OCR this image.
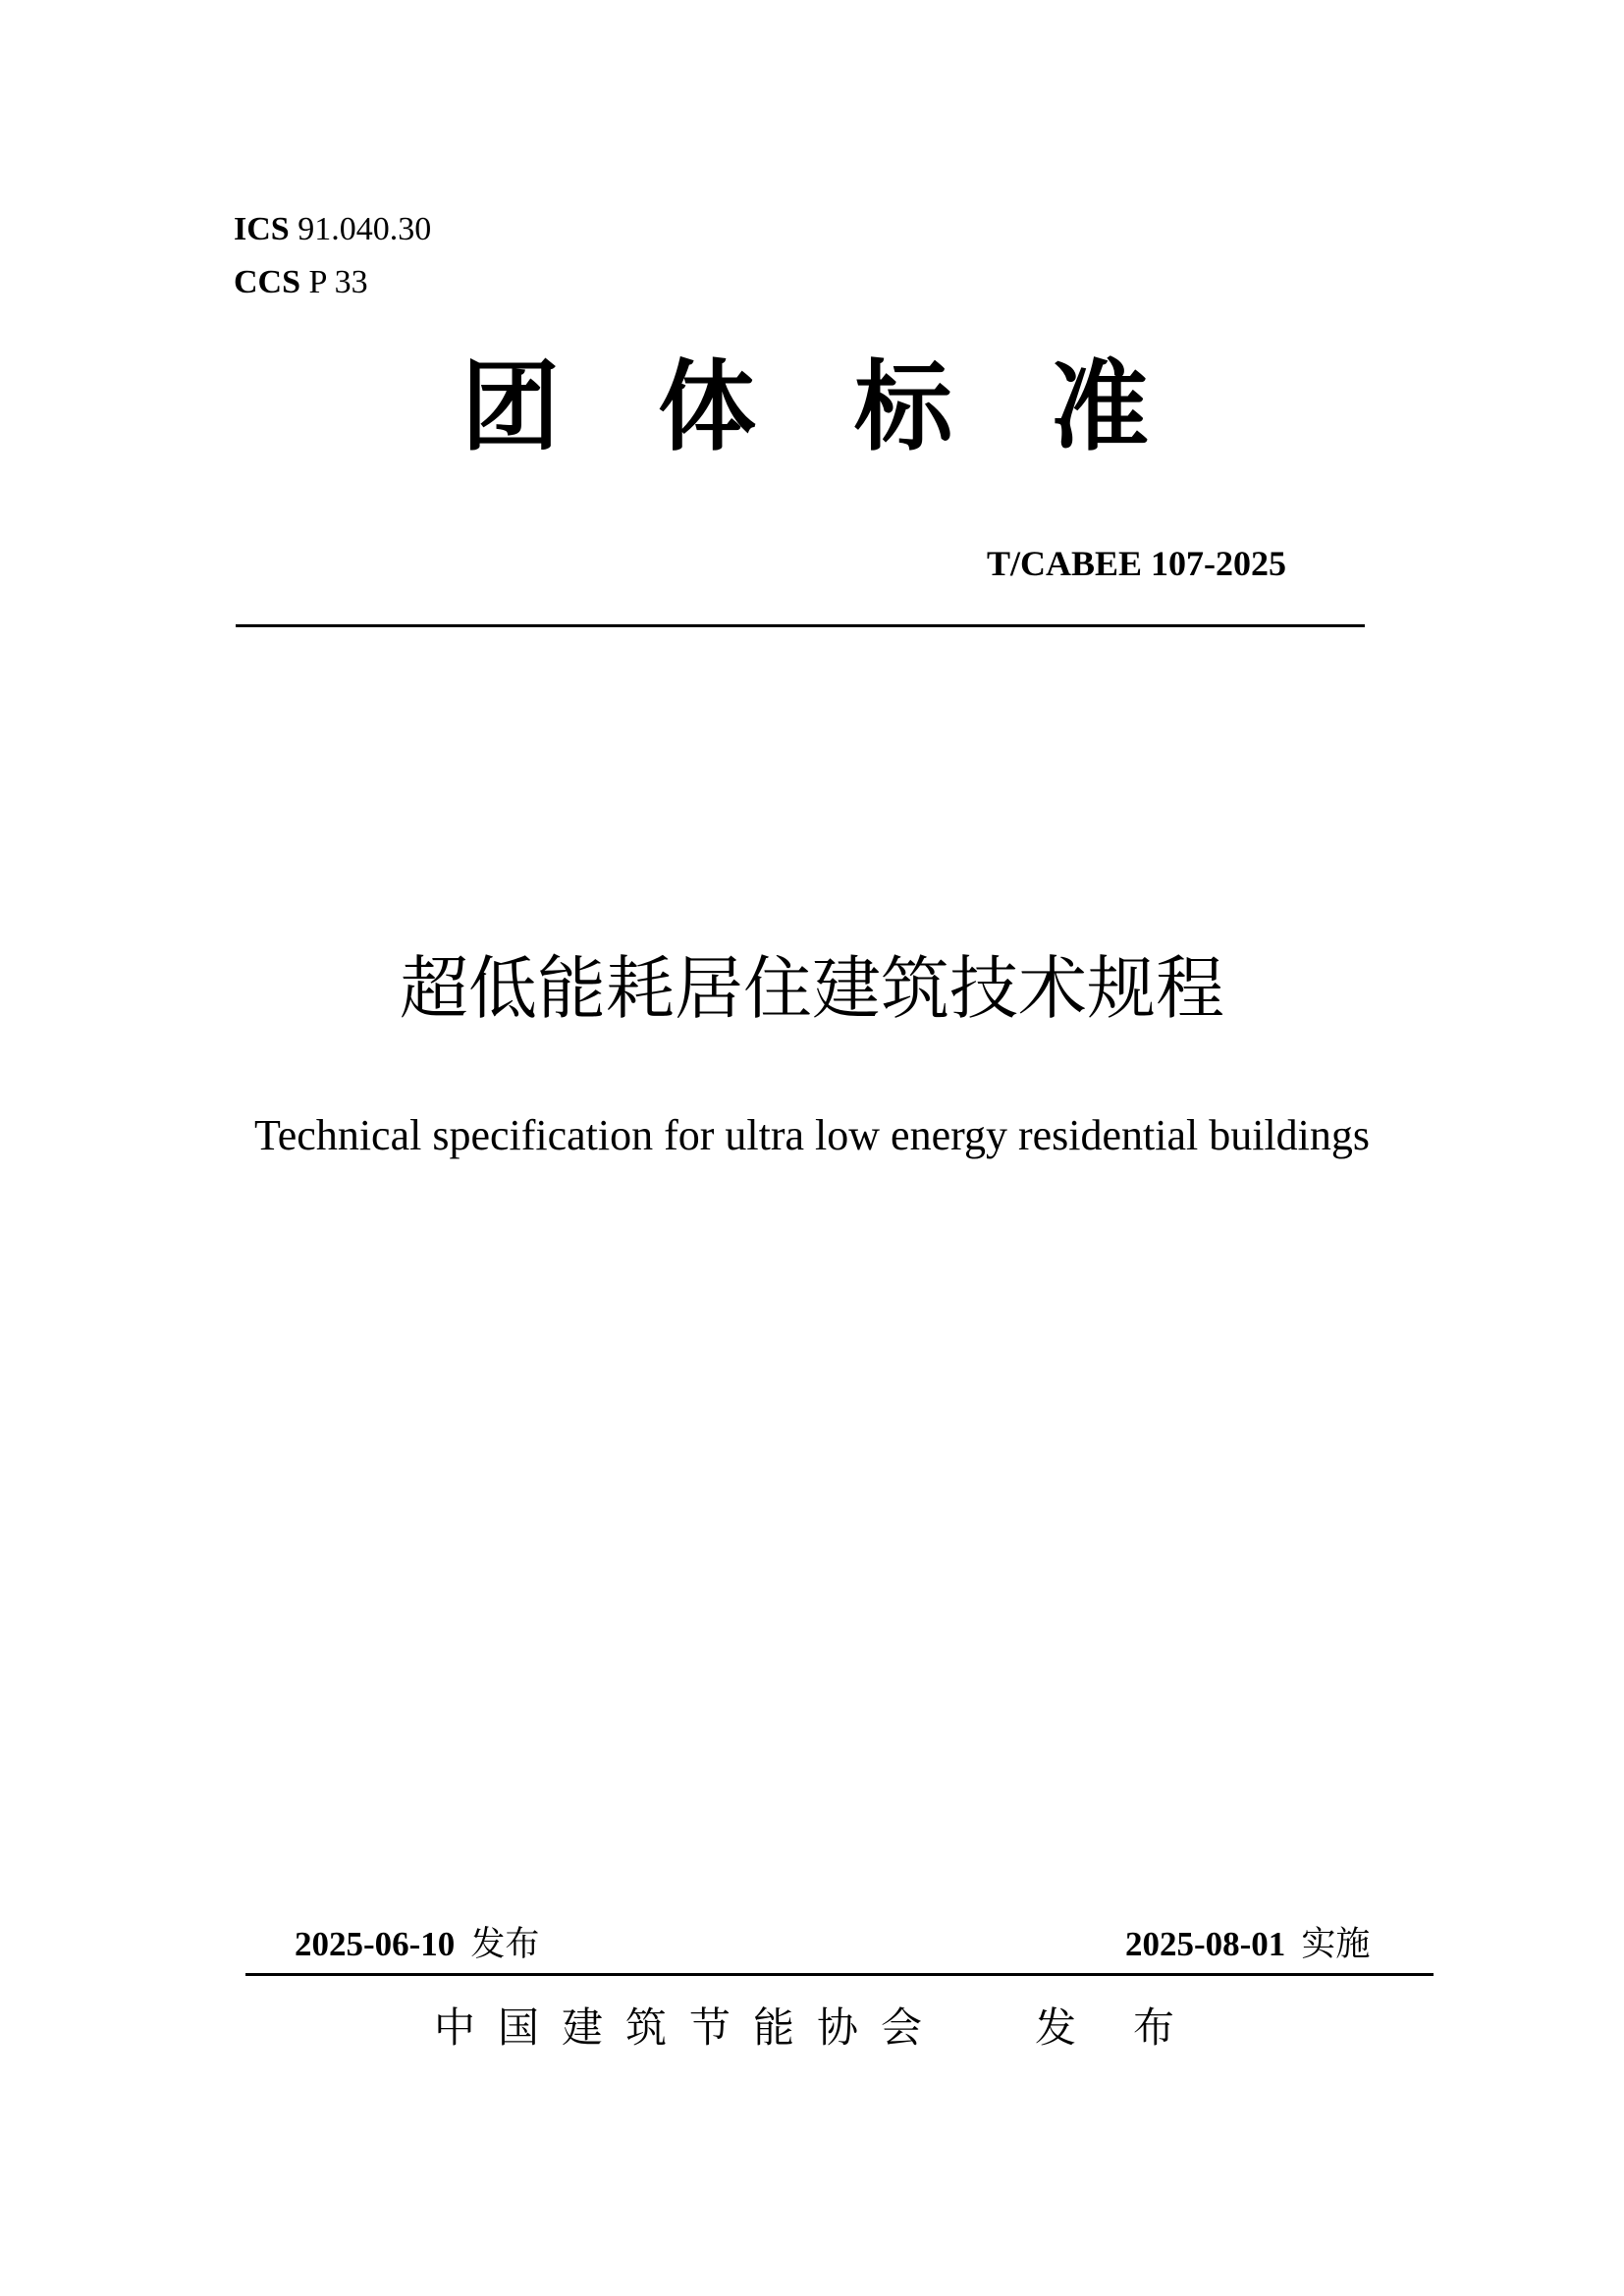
ICS 91.040.30
CCS P 33
团体标准
T/CABEE 107-2025
超低能耗居住建筑技术规程
Technical specification for ultra low energy residential buildings
2025-06-10 发布	2025-08-01 实施
中国建筑节能协会 发布
